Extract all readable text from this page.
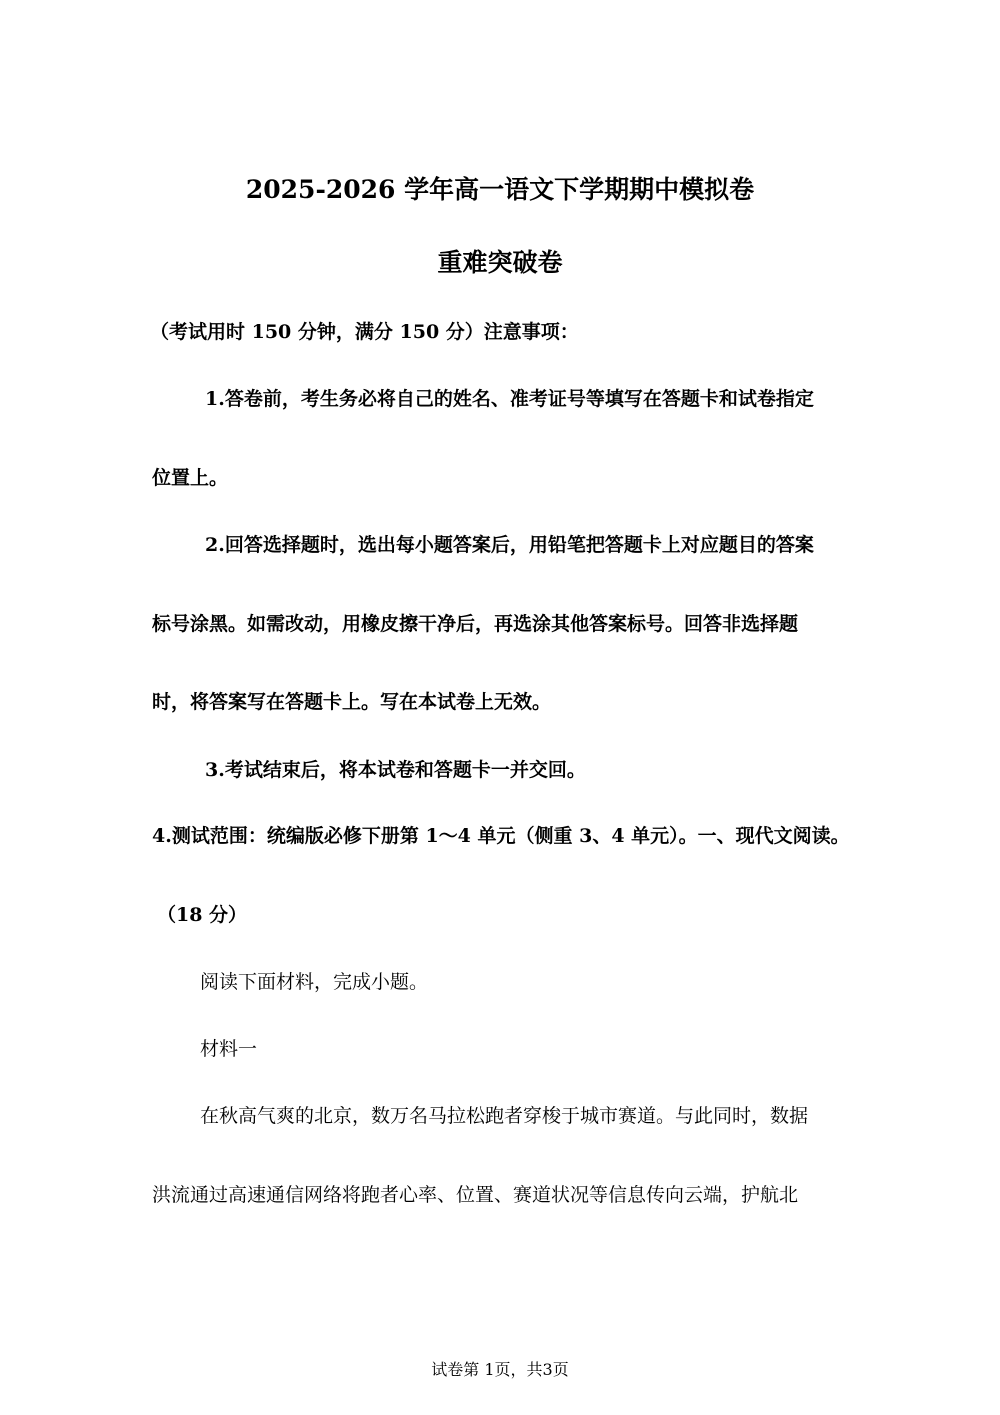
2025-2026 学年高一语文下学期期中模拟卷
重难突破卷
（考试用时 150 分钟，满分 150 分）注意事项：
1.答卷前，考生务必将自己的姓名、准考证号等填写在答题卡和试卷指定
位置上。
2.回答选择题时，选出每小题答案后，用铅笔把答题卡上对应题目的答案
标号涂黑。如需改动，用橡皮擦干净后，再选涂其他答案标号。回答非选择题
时，将答案写在答题卡上。写在本试卷上无效。
3.考试结束后，将本试卷和答题卡一并交回。
4.测试范围：统编版必修下册第 1～4 单元（侧重 3、4 单元）。一、现代文阅读。
（18 分）
阅读下面材料，完成小题。
材料一
在秋高气爽的北京，数万名马拉松跑者穿梭于城市赛道。与此同时，数据
洪流通过高速通信网络将跑者心率、位置、赛道状况等信息传向云端，护航北
试卷第 1页，共3页
